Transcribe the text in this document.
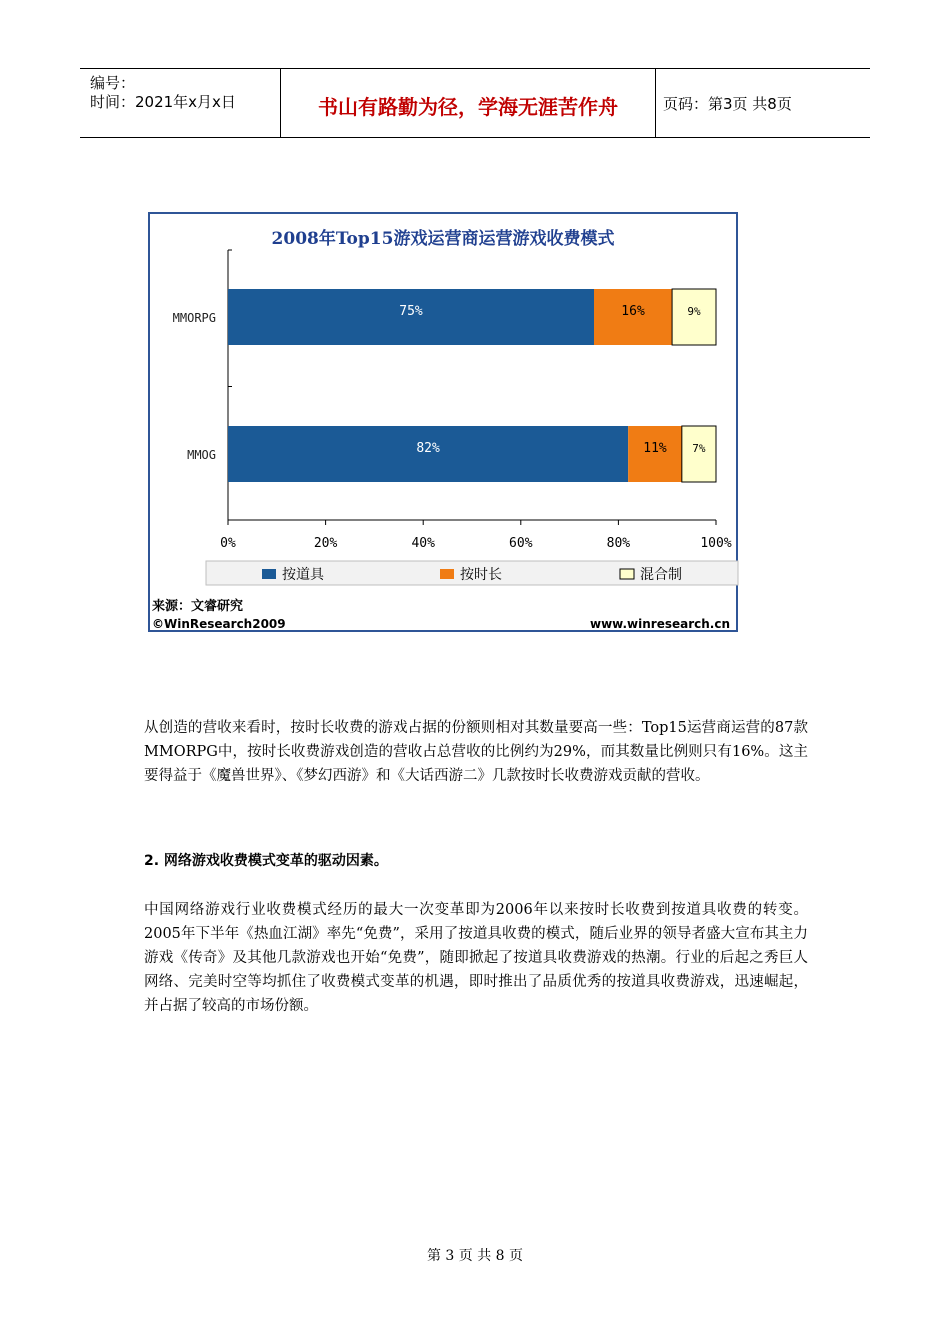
编号：
时间：2021年x月x日	书山有路勤为径，学海无涯苦作舟	页码：第3页 共8页
2008年Top15游戏运营商运营游戏收费模式
0%	20%	40%	60%	80%	100%
MMORPG	75%	16%	9%
MMOG	82%	11% 7%
按道具	按时长	混合制
来源：文睿研究
©WinResearch2009	www.winresearch.cn
从创造的营收来看时，按时长收费的游戏占据的份额则相对其数量要高一些：Top15运营商运营的87款MMORPG中，按时长收费游戏创造的营收占总营收的比例约为29%，而其数量比例则只有16%。这主要得益于《魔兽世界》、《梦幻西游》和《大话西游二》几款按时长收费游戏贡献的营收。
2. 网络游戏收费模式变革的驱动因素。
中国网络游戏行业收费模式经历的最大一次变革即为2006年以来按时长收费到按道具收费的转变。2005年下半年《热血江湖》率先“免费”，采用了按道具收费的模式，随后业界的领导者盛大宣布其主力游戏《传奇》及其他几款游戏也开始“免费”，随即掀起了按道具收费游戏的热潮。行业的后起之秀巨人网络、完美时空等均抓住了收费模式变革的机遇，即时推出了品质优秀的按道具收费游戏，迅速崛起，并占据了较高的市场份额。
第 3 页 共 8 页
